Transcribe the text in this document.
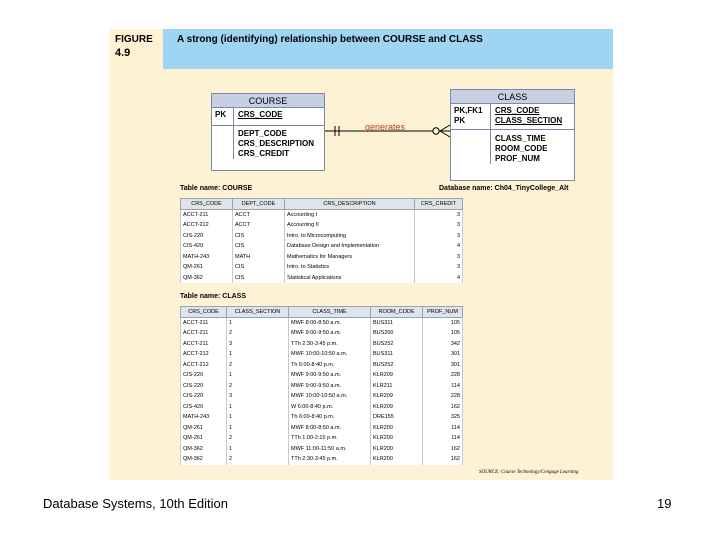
FIGURE
4.9
A strong (identifying) relationship between COURSE and CLASS
generates
COURSE
PK	CRS_CODE
DEPT_CODE
CRS_DESCRIPTION
CRS_CREDIT
CLASS
PK,FK1
PK
CRS_CODE
CLASS_SECTION
CLASS_TIME
ROOM_CODE
PROF_NUM
Table name: COURSE	Database name: Ch04_TinyCollege_Alt
CRS_CODE	DEPT_CODE	CRS_DESCRIPTION	CRS_CREDIT
ACCT-211	ACCT	Accounting I	3
ACCT-212	ACCT	Accounting II	3
CIS-220	CIS	Intro. to Microcomputing	3
CIS-420	CIS	Database Design and Implementation	4
MATH-243	MATH	Mathematics for Managers	3
QM-261	CIS	Intro. to Statistics	3
QM-362	CIS	Statistical Applications	4
Table name: CLASS
CRS_CODE	CLASS_SECTION	CLASS_TIME	ROOM_CODE	PROF_NUM
ACCT-211	1	MWF 8:00-8:50 a.m.	BUS311	105
ACCT-211	2	MWF 9:00-9:50 a.m.	BUS200	105
ACCT-211	3	TTh 2:30-3:45 p.m.	BUS252	342
ACCT-212	1	MWF 10:00-10:50 a.m.	BUS311	301
ACCT-212	2	Th 6:00-8:40 p.m.	BUS252	301
CIS-220	1	MWF 9:00-9:50 a.m.	KLR209	228
CIS-220	2	MWF 9:00-9:50 a.m.	KLR211	114
CIS-220	3	MWF 10:00-10:50 a.m.	KLR209	228
CIS-420	1	W 6:00-8:40 p.m.	KLR209	162
MATH-243	1	Th 6:00-8:40 p.m.	DRE155	325
QM-261	1	MWF 8:00-8:50 a.m.	KLR200	114
QM-261	2	TTh 1:00-2:15 p.m.	KLR200	114
QM-362	1	MWF 11:00-11:50 a.m.	KLR200	162
QM-362	2	TTh 2:30-3:45 p.m.	KLR200	162
SOURCE: Course Technology/Cengage Learning
Database Systems, 10th Edition	19
